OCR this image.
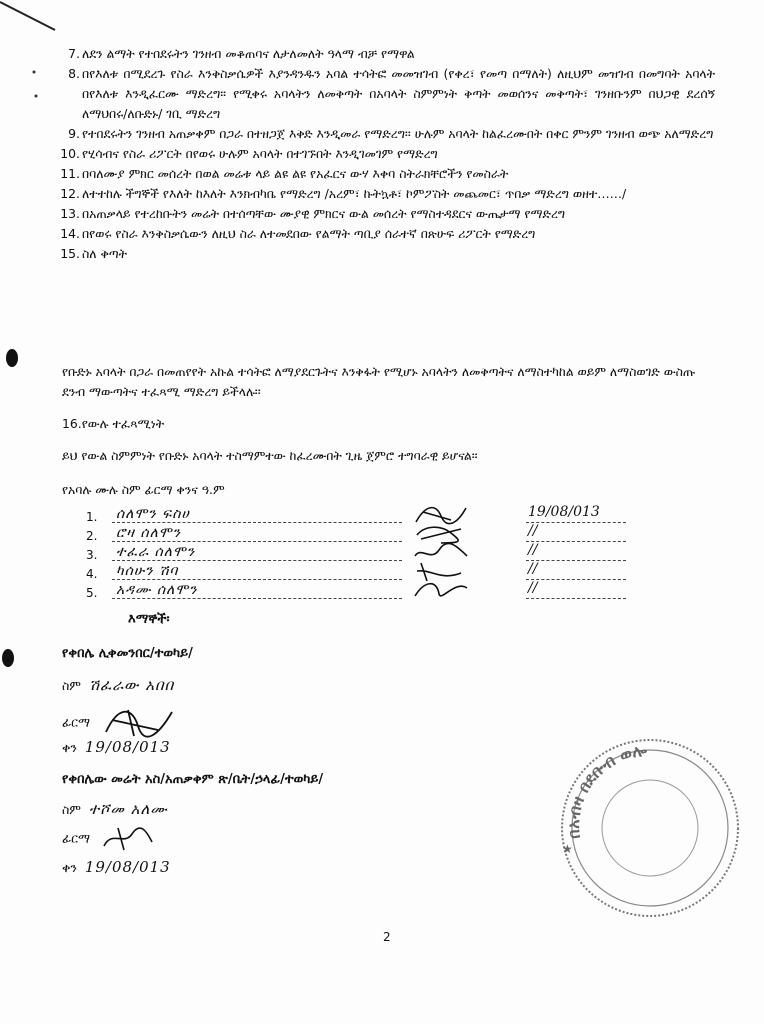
7. ለደን ልማት የተበደሩትን ገንዘብ መቆጠባና ለታለመለት ዓላማ ብቻ የማዋል
8. በየእለቱ በሚደረጉ የስራ እንቅስቃሴዎች እያንዳንዱን አባል ተሳትፎ መመዝገብ (የቀረ፣ የመጣ በማለት) ለዚህም መዝገብ በመግባት አባላት በየእለቱ እንዲፈርሙ ማድረግ፡፡ የሚቀሩ አባላትን ለመቅጣት በአባላት ስምምነት ቅጣት መወሰንና መቅጣት፣ ገንዘቡንም በህጋዊ ደረሰኝ ለማህበሩ/ለቡድኑ/ ገቢ ማድረግ
9. የተበደሩትን ገንዘብ አጠቃቀም በጋራ በተዘጋጀ እቅድ እንዲመራ የማድረግ፡፡ ሁሉም አባላት ከልፈረሙበት በቀር ምንም ገንዘብ ወጭ አለማድረግ
10. የሂሳብና የስራ ሪፖርት በየወሩ ሁሉም አባላት በተገኙበት እንዲገመገም የማድረግ
11. በባለሙያ ምክር መሰረት በወል መሬቱ ላይ ልዩ ልዩ የአፈርና ውሃ እቀባ ስትራክቸሮችን የመስራት
12. ለተተከሉ ችግኞች የእለት ከእለት እንክብካቤ የማድረግ /አረም፣ ኩትኳቶ፣ ኮምፖስት መጨመር፣ ጥበቃ ማድረግ ወዘተ……/
13. በአጠቃላይ የተረከቡትን መሬት በተሰጣቸው ሙያዊ ምክርና ውል መሰረት የማስተዳደርና ውጤታማ የማድረግ
14. በየወሩ የስራ እንቅስቃሴውን ለዚህ ስራ ለተመደበው የልማት ጣቢያ ሰራተኛ በጽሁፍ ሪፖርት የማድረግ
15. ስለ ቅጣት
የቡድኑ አባላት በጋራ በመጠየየት አኩል ተሳትፎ ለማያደርጉትና እንቅፋት የሚሆኑ አባላትን ለመቅጣትና ለማስተካከል ወይም ለማስወገድ ውስጡ ደንብ ማውጣትና ተፈጻሚ ማድረግ ይችላሉ፡፡
16.የውሉ ተፈጻሚነት
ይህ የውል ስምምነት የቡድኑ አባላት ተስማምተው ከፈረሙበት ጊዜ ጀምሮ ተግባራዊ ይሆናል፡፡
የአባሉ ሙሉ ስም ፊርማ ቀንና ዓ.ም
1. ሰለሞን ፍስሀ	19/08/013
2. ሮዛ ሰለሞን	//
3. ተፈራ ሰለሞን	//
4. ካሰሁን ሽባ	//
5. አዳሙ ሰለሞን	//
እማኞች፡
የቀበሌ ሊቀመንበር/ተወካይ/
ስም ሽፈራው አበበ
ፊርማ
ቀን 19/08/013
የቀበሌው መሬት አስ/አጠቃቀም ጽ/ቤት/ኃላፊ/ተወካይ/
ስም ተሾመ አለሙ
ፊርማ
ቀን 19/08/013
በአብዛ በደቡብ ወሎ
★
2
